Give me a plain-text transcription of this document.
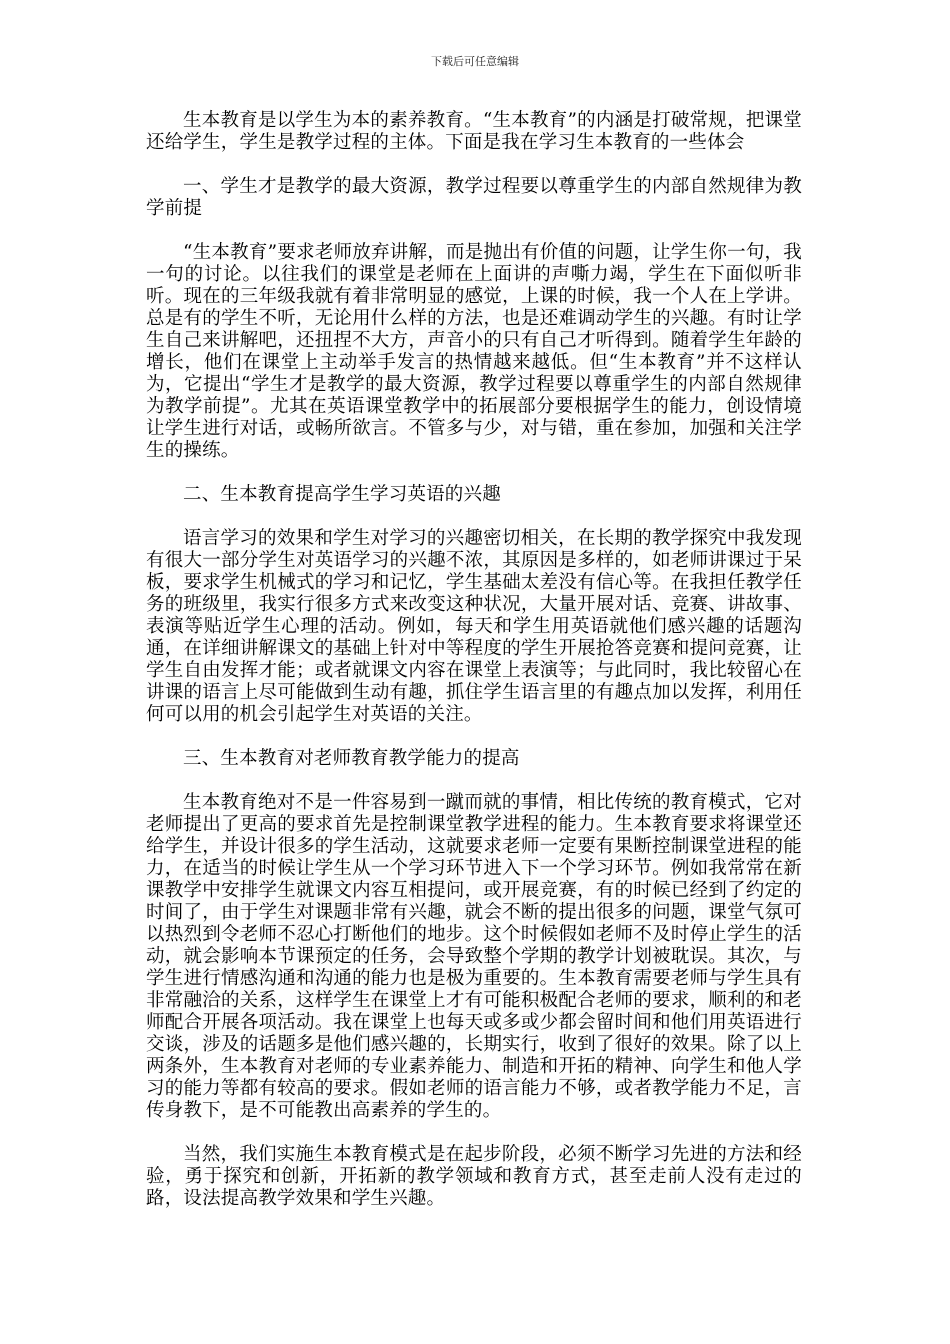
下载后可任意编辑

生本教育是以学生为本的素养教育。“生本教育”的内涵是打破常规，把课堂还给学生，学生是教学过程的主体。下面是我在学习生本教育的一些体会

一、学生才是教学的最大资源，教学过程要以尊重学生的内部自然规律为教学前提

“生本教育”要求老师放弃讲解，而是抛出有价值的问题，让学生你一句，我一句的讨论。以往我们的课堂是老师在上面讲的声嘶力竭，学生在下面似听非听。现在的三年级我就有着非常明显的感觉，上课的时候，我一个人在上学讲。总是有的学生不听，无论用什么样的方法，也是还难调动学生的兴趣。有时让学生自己来讲解吧，还扭捏不大方，声音小的只有自己才听得到。随着学生年龄的增长，他们在课堂上主动举手发言的热情越来越低。但“生本教育”并不这样认为，它提出“学生才是教学的最大资源，教学过程要以尊重学生的内部自然规律为教学前提”。尤其在英语课堂教学中的拓展部分要根据学生的能力，创设情境让学生进行对话，或畅所欲言。不管多与少，对与错，重在参加，加强和关注学生的操练。

二、生本教育提高学生学习英语的兴趣

语言学习的效果和学生对学习的兴趣密切相关，在长期的教学探究中我发现有很大一部分学生对英语学习的兴趣不浓，其原因是多样的，如老师讲课过于呆板，要求学生机械式的学习和记忆，学生基础太差没有信心等。在我担任教学任务的班级里，我实行很多方式来改变这种状况，大量开展对话、竞赛、讲故事、表演等贴近学生心理的活动。例如，每天和学生用英语就他们感兴趣的话题沟通，在详细讲解课文的基础上针对中等程度的学生开展抢答竞赛和提问竞赛，让学生自由发挥才能；或者就课文内容在课堂上表演等；与此同时，我比较留心在讲课的语言上尽可能做到生动有趣，抓住学生语言里的有趣点加以发挥，利用任何可以用的机会引起学生对英语的关注。

三、生本教育对老师教育教学能力的提高

生本教育绝对不是一件容易到一蹴而就的事情，相比传统的教育模式，它对老师提出了更高的要求首先是控制课堂教学进程的能力。生本教育要求将课堂还给学生，并设计很多的学生活动，这就要求老师一定要有果断控制课堂进程的能力，在适当的时候让学生从一个学习环节进入下一个学习环节。例如我常常在新课教学中安排学生就课文内容互相提问，或开展竞赛，有的时候已经到了约定的时间了，由于学生对课题非常有兴趣，就会不断的提出很多的问题，课堂气氛可以热烈到令老师不忍心打断他们的地步。这个时候假如老师不及时停止学生的活动，就会影响本节课预定的任务，会导致整个学期的教学计划被耽误。其次，与学生进行情感沟通和沟通的能力也是极为重要的。生本教育需要老师与学生具有非常融洽的关系，这样学生在课堂上才有可能积极配合老师的要求，顺利的和老师配合开展各项活动。我在课堂上也每天或多或少都会留时间和他们用英语进行交谈，涉及的话题多是他们感兴趣的，长期实行，收到了很好的效果。除了以上两条外，生本教育对老师的专业素养能力、制造和开拓的精神、向学生和他人学习的能力等都有较高的要求。假如老师的语言能力不够，或者教学能力不足，言传身教下，是不可能教出高素养的学生的。

当然，我们实施生本教育模式是在起步阶段，必须不断学习先进的方法和经验，勇于探究和创新，开拓新的教学领域和教育方式，甚至走前人没有走过的路，设法提高教学效果和学生兴趣。
